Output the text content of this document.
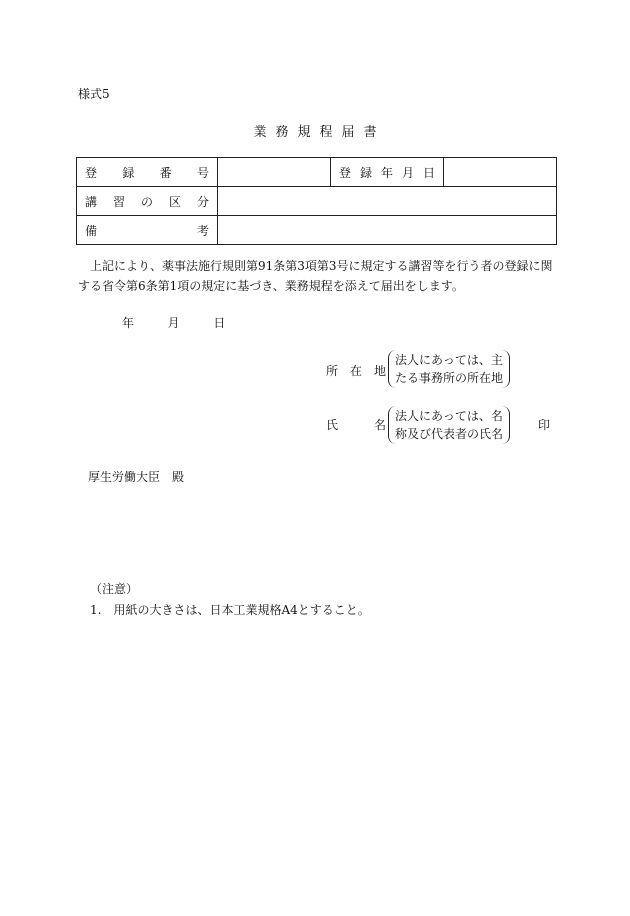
様式5
業務規程届書
登 録 番 号		登 録 年 月 日	

講 習 の 区 分			

備 考			

上記により、薬事法施行規則第91条第3項第3号に規定する講習等を行う者の登録に関する省令第6条第1項の規定に基づき、業務規程を添えて届出をします。
年	月	日
所 在 地
法人にあっては、主
たる事務所の所在地
氏	名
法人にあっては、名
称及び代表者の氏名
印
厚生労働大臣　殿
（注意）
1.　用紙の大きさは、日本工業規格A4とすること。
